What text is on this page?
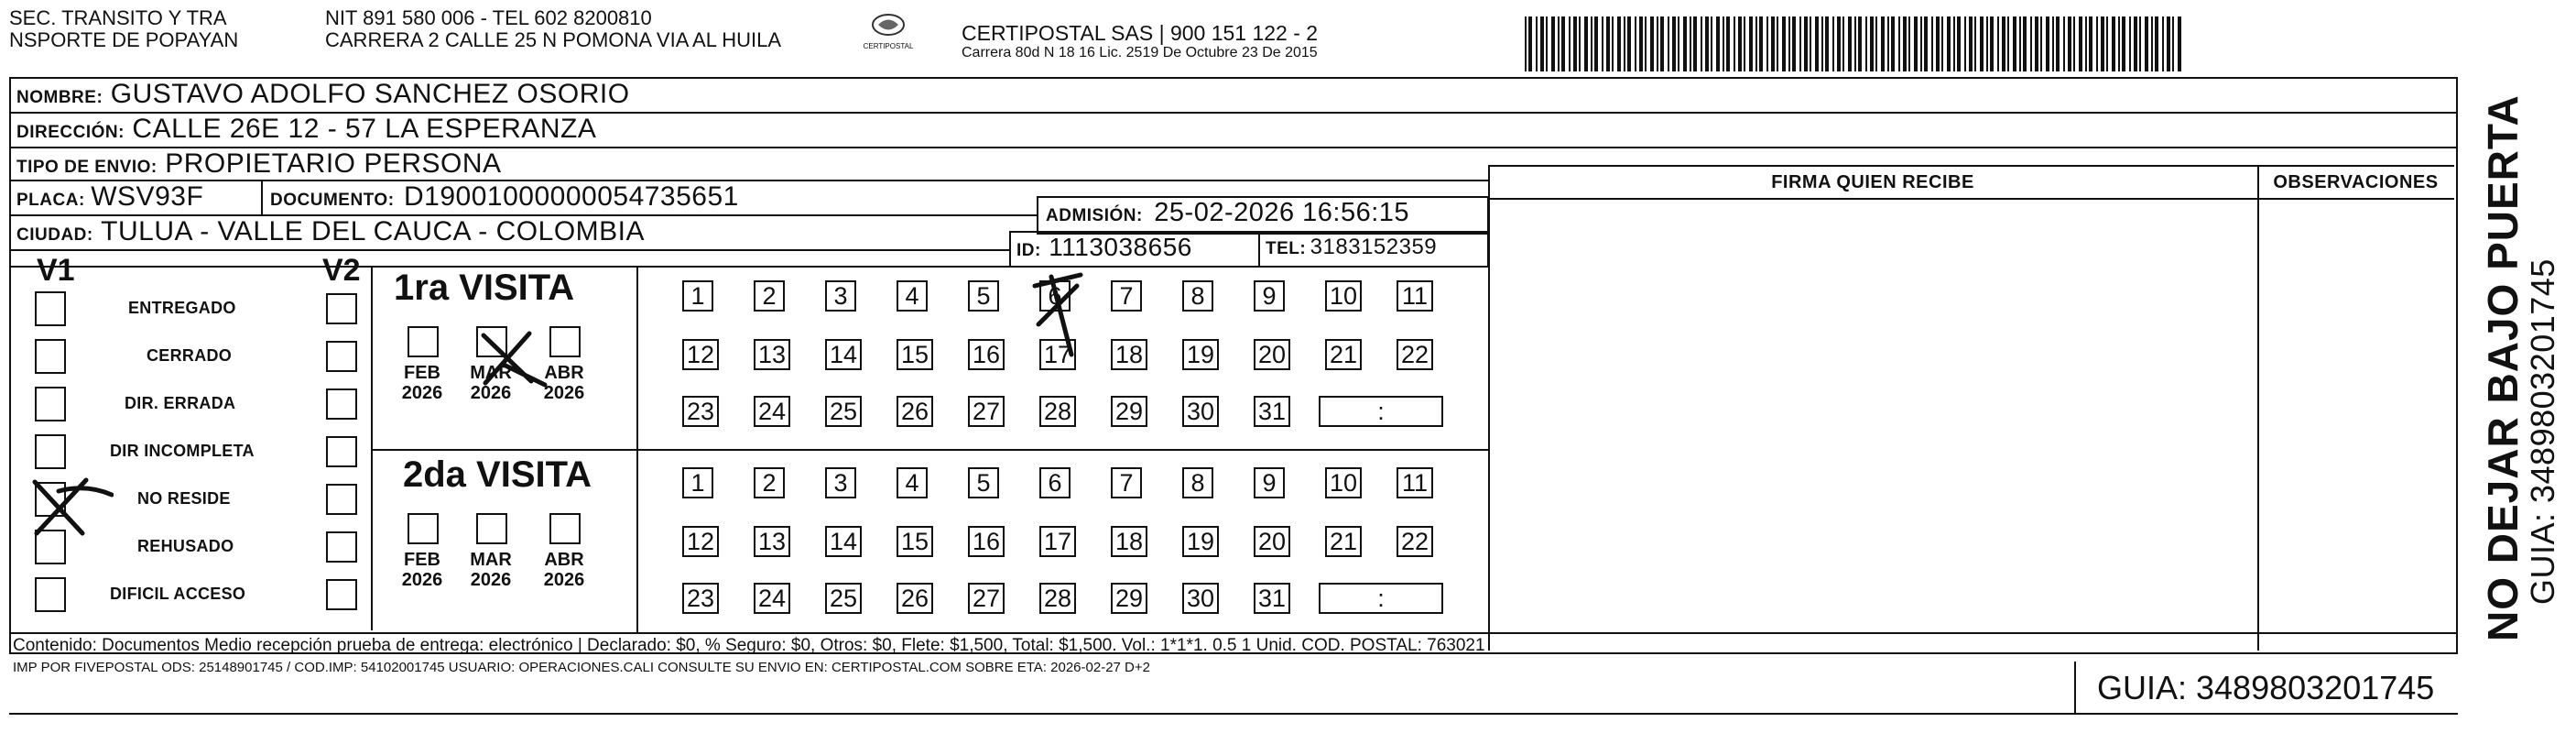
SEC. TRANSITO Y TRA
NSPORTE DE POPAYAN
NIT 891 580 006 - TEL 602 8200810
CARRERA 2 CALLE 25 N POMONA VIA AL HUILA	CERTIPOSTAL
CERTIPOSTAL SAS | 900 151 122 - 2
Carrera 80d N 18 16 Lic. 2519 De Octubre 23 De 2015
NOMBRE: GUSTAVO ADOLFO SANCHEZ OSORIO
DIRECCIÓN: CALLE 26E 12 - 57 LA ESPERANZA
TIPO DE ENVIO: PROPIETARIO PERSONA
FIRMA QUIEN RECIBE	OBSERVACIONES
PLACA: WSV93F	DOCUMENTO: D19001000000054735651
ADMISIÓN: 25-02-2026 16:56:15
CIUDAD: TULUA - VALLE DEL CAUCA - COLOMBIA
ID: 1113038656	TEL: 3183152359
V1	V2
ENTREGADO
CERRADO
DIR. ERRADA
DIR INCOMPLETA
NO RESIDE
REHUSADO
DIFICIL ACCESO
1ra VISITA
FEB
2026
MAR
2026
ABR
2026
1	2	3	4	5	6	7	8	9	10 11
12 13 14 15 16 17 18 19 20 21 22
23 24 25 26 27 28 29 30 31	:
2da VISITA
FEB
2026
MAR
2026
ABR
2026
1	2	3	4	5	6	7	8	9	10 11
12 13 14 15 16 17 18 19 20 21 22
23 24 25 26 27 28 29 30 31	:
Contenido: Documentos Medio recepción prueba de entrega: electrónico | Declarado: $0, % Seguro: $0, Otros: $0, Flete: $1,500, Total: $1,500. Vol.: 1*1*1. 0.5 1 Unid. COD. POSTAL: 763021
IMP POR FIVEPOSTAL ODS: 25148901745 / COD.IMP: 54102001745 USUARIO: OPERACIONES.CALI CONSULTE SU ENVIO EN: CERTIPOSTAL.COM SOBRE ETA: 2026-02-27 D+2
GUIA: 3489803201745
NO DEJAR BAJO PUERTA
GUIA: 3489803201745
